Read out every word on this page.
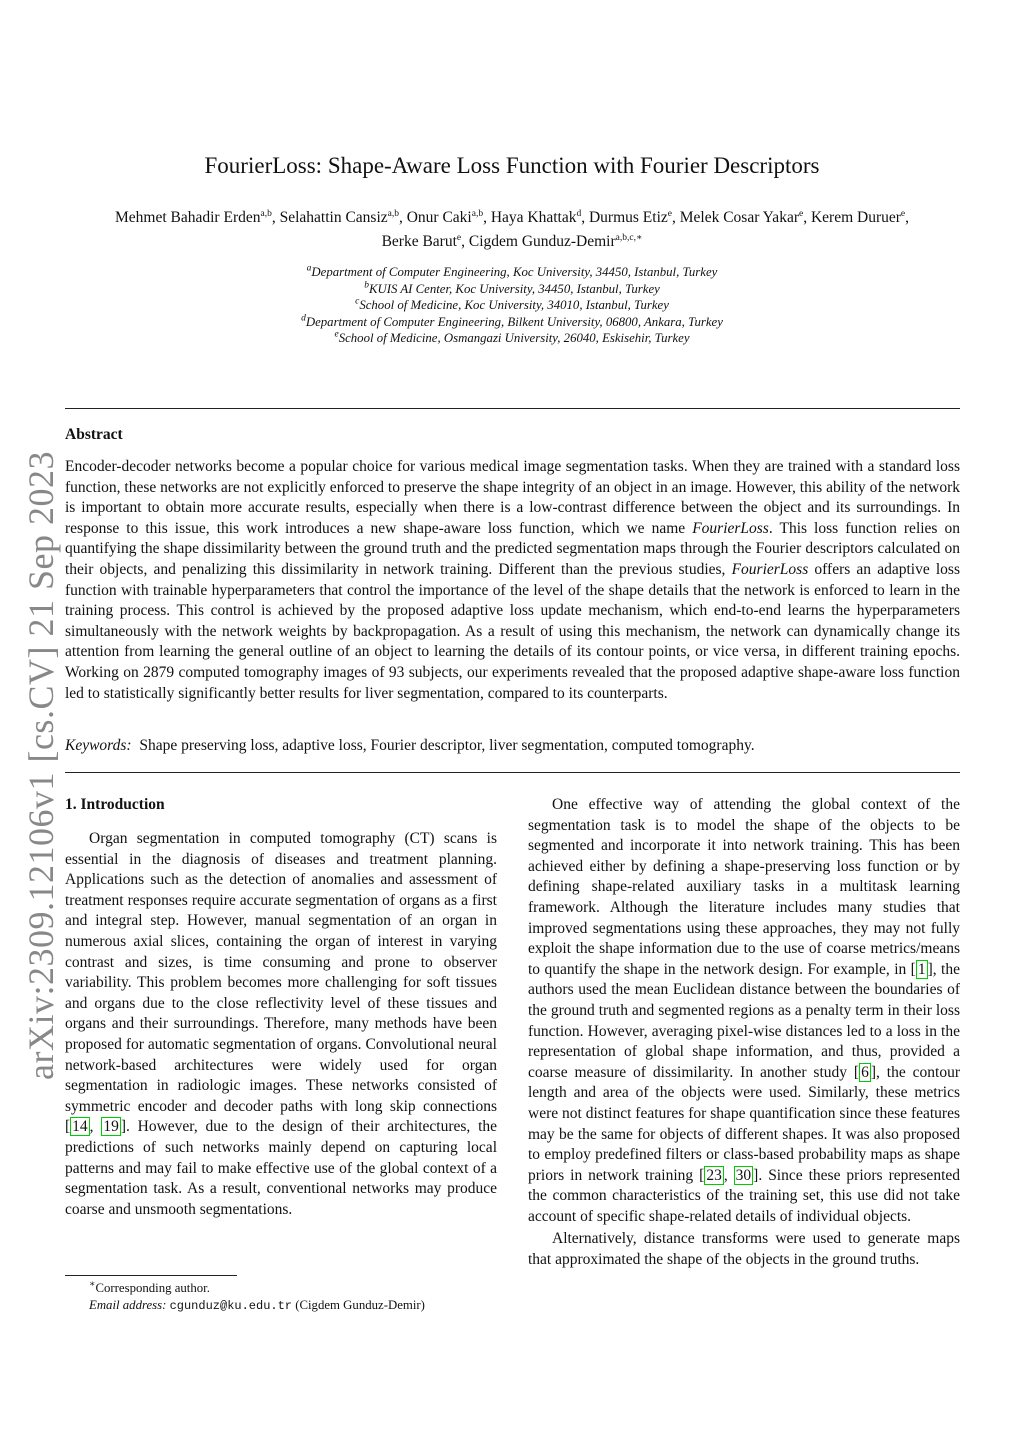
arXiv:2309.12106v1 [cs.CV] 21 Sep 2023
FourierLoss: Shape-Aware Loss Function with Fourier Descriptors
Mehmet Bahadir Erden$^{a,b}$, Selahattin Cansiz$^{a,b}$, Onur Caki$^{a,b}$, Haya Khattak$^d$, Durmus Etiz$^e$, Melek Cosar Yakar$^e$, Kerem Duruer$^e$,
Berke Barut$^e$, Cigdem Gunduz-Demir$^{a,b,c,∗}$
$^a$Department of Computer Engineering, Koc University, 34450, Istanbul, Turkey
$^b$KUIS AI Center, Koc University, 34450, Istanbul, Turkey
$^c$School of Medicine, Koc University, 34010, Istanbul, Turkey
$^d$Department of Computer Engineering, Bilkent University, 06800, Ankara, Turkey
$^e$School of Medicine, Osmangazi University, 26040, Eskisehir, Turkey
Abstract
Encoder-decoder networks become a popular choice for various medical image segmentation tasks. When they are trained with a standard loss function, these networks are not explicitly enforced to preserve the shape integrity of an object in an image. However, this ability of the network is important to obtain more accurate results, especially when there is a low-contrast difference between the object and its surroundings. In response to this issue, this work introduces a new shape-aware loss function, which we name FourierLoss. This loss function relies on quantifying the shape dissimilarity between the ground truth and the predicted segmentation maps through the Fourier descriptors calculated on their objects, and penalizing this dissimilarity in network training. Different than the previous studies, FourierLoss offers an adaptive loss function with trainable hyperparameters that control the importance of the level of the shape details that the network is enforced to learn in the training process. This control is achieved by the proposed adaptive loss update mechanism, which end-to-end learns the hyperparameters simultaneously with the network weights by backpropagation. As a result of using this mechanism, the network can dynamically change its attention from learning the general outline of an object to learning the details of its contour points, or vice versa, in different training epochs. Working on 2879 computed tomography images of 93 subjects, our experiments revealed that the proposed adaptive shape-aware loss function led to statistically significantly better results for liver segmentation, compared to its counterparts.
Keywords: Shape preserving loss, adaptive loss, Fourier descriptor, liver segmentation, computed tomography.
1. Introduction

Organ segmentation in computed tomography (CT) scans is essential in the diagnosis of diseases and treatment planning. Applications such as the detection of anomalies and assessment of treatment responses require accurate segmentation of organs as a first and integral step. However, manual segmentation of an organ in numerous axial slices, containing the organ of interest in varying contrast and sizes, is time consuming and prone to observer variability. This problem becomes more challenging for soft tissues and organs due to the close reflectivity level of these tissues and organs and their surroundings. Therefore, many methods have been proposed for automatic segmentation of organs. Convolutional neural network-based architectures were widely used for organ segmentation in radiologic images. These networks consisted of symmetric encoder and decoder paths with long skip connections [ 14 , 19 ]. However, due to the design of their architectures, the predictions of such networks mainly depend on capturing local patterns and may fail to make effective use of the global context of a segmentation task. As a result, conventional networks may produce coarse and unsmooth segmentations.

One effective way of attending the global context of the segmentation task is to model the shape of the objects to be segmented and incorporate it into network training. This has been achieved either by defining a shape-preserving loss function or by defining shape-related auxiliary tasks in a multitask learning framework. Although the literature includes many studies that improved segmentations using these approaches, they may not fully exploit the shape information due to the use of coarse metrics/means to quantify the shape in the network design. For example, in [ 1 ], the authors used the mean Euclidean distance between the boundaries of the ground truth and segmented regions as a penalty term in their loss function. However, averaging pixel-wise distances led to a loss in the representation of global shape information, and thus, provided a coarse measure of dissimilarity. In another study [ 6 ], the contour length and area of the objects were used. Similarly, these metrics were not distinct features for shape quantification since these features may be the same for objects of different shapes. It was also proposed to employ predefined filters or class-based probability maps as shape priors in network training [ 23 , 30 ]. Since these priors represented the common characteristics of the training set, this use did not take account of specific shape-related details of individual objects.

Alternatively, distance transforms were used to generate maps that approximated the shape of the objects in the ground truths.

∗Corresponding author.
Email address: cgunduz@ku.edu.tr (Cigdem Gunduz-Demir)
